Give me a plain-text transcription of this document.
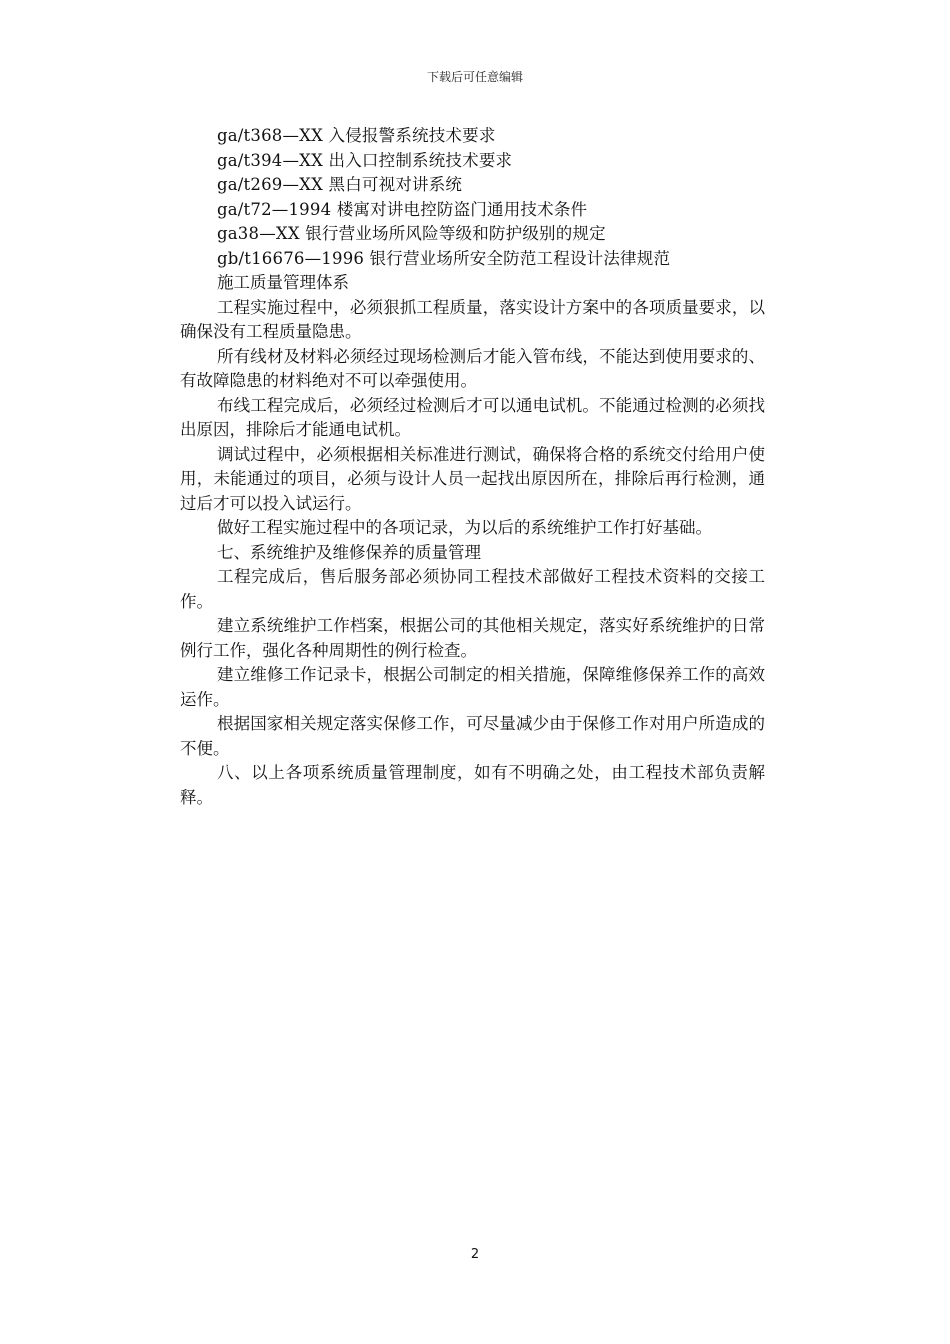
下载后可任意编辑

ga/t368—XX 入侵报警系统技术要求

ga/t394—XX 出入口控制系统技术要求

ga/t269—XX 黑白可视对讲系统

ga/t72—1994 楼寓对讲电控防盗门通用技术条件

ga38—XX 银行营业场所风险等级和防护级别的规定

gb/t16676—1996 银行营业场所安全防范工程设计法律规范

施工质量管理体系

工程实施过程中，必须狠抓工程质量，落实设计方案中的各项质量要求，以确保没有工程质量隐患。

所有线材及材料必须经过现场检测后才能入管布线，不能达到使用要求的、有故障隐患的材料绝对不可以牵强使用。

布线工程完成后，必须经过检测后才可以通电试机。不能通过检测的必须找出原因，排除后才能通电试机。

调试过程中，必须根据相关标准进行测试，确保将合格的系统交付给用户使用，未能通过的项目，必须与设计人员一起找出原因所在，排除后再行检测，通过后才可以投入试运行。

做好工程实施过程中的各项记录，为以后的系统维护工作打好基础。

七、系统维护及维修保养的质量管理

工程完成后，售后服务部必须协同工程技术部做好工程技术资料的交接工作。

建立系统维护工作档案，根据公司的其他相关规定，落实好系统维护的日常例行工作，强化各种周期性的例行检查。

建立维修工作记录卡，根据公司制定的相关措施，保障维修保养工作的高效运作。

根据国家相关规定落实保修工作，可尽量减少由于保修工作对用户所造成的不便。

八、以上各项系统质量管理制度，如有不明确之处，由工程技术部负责解释。

2
